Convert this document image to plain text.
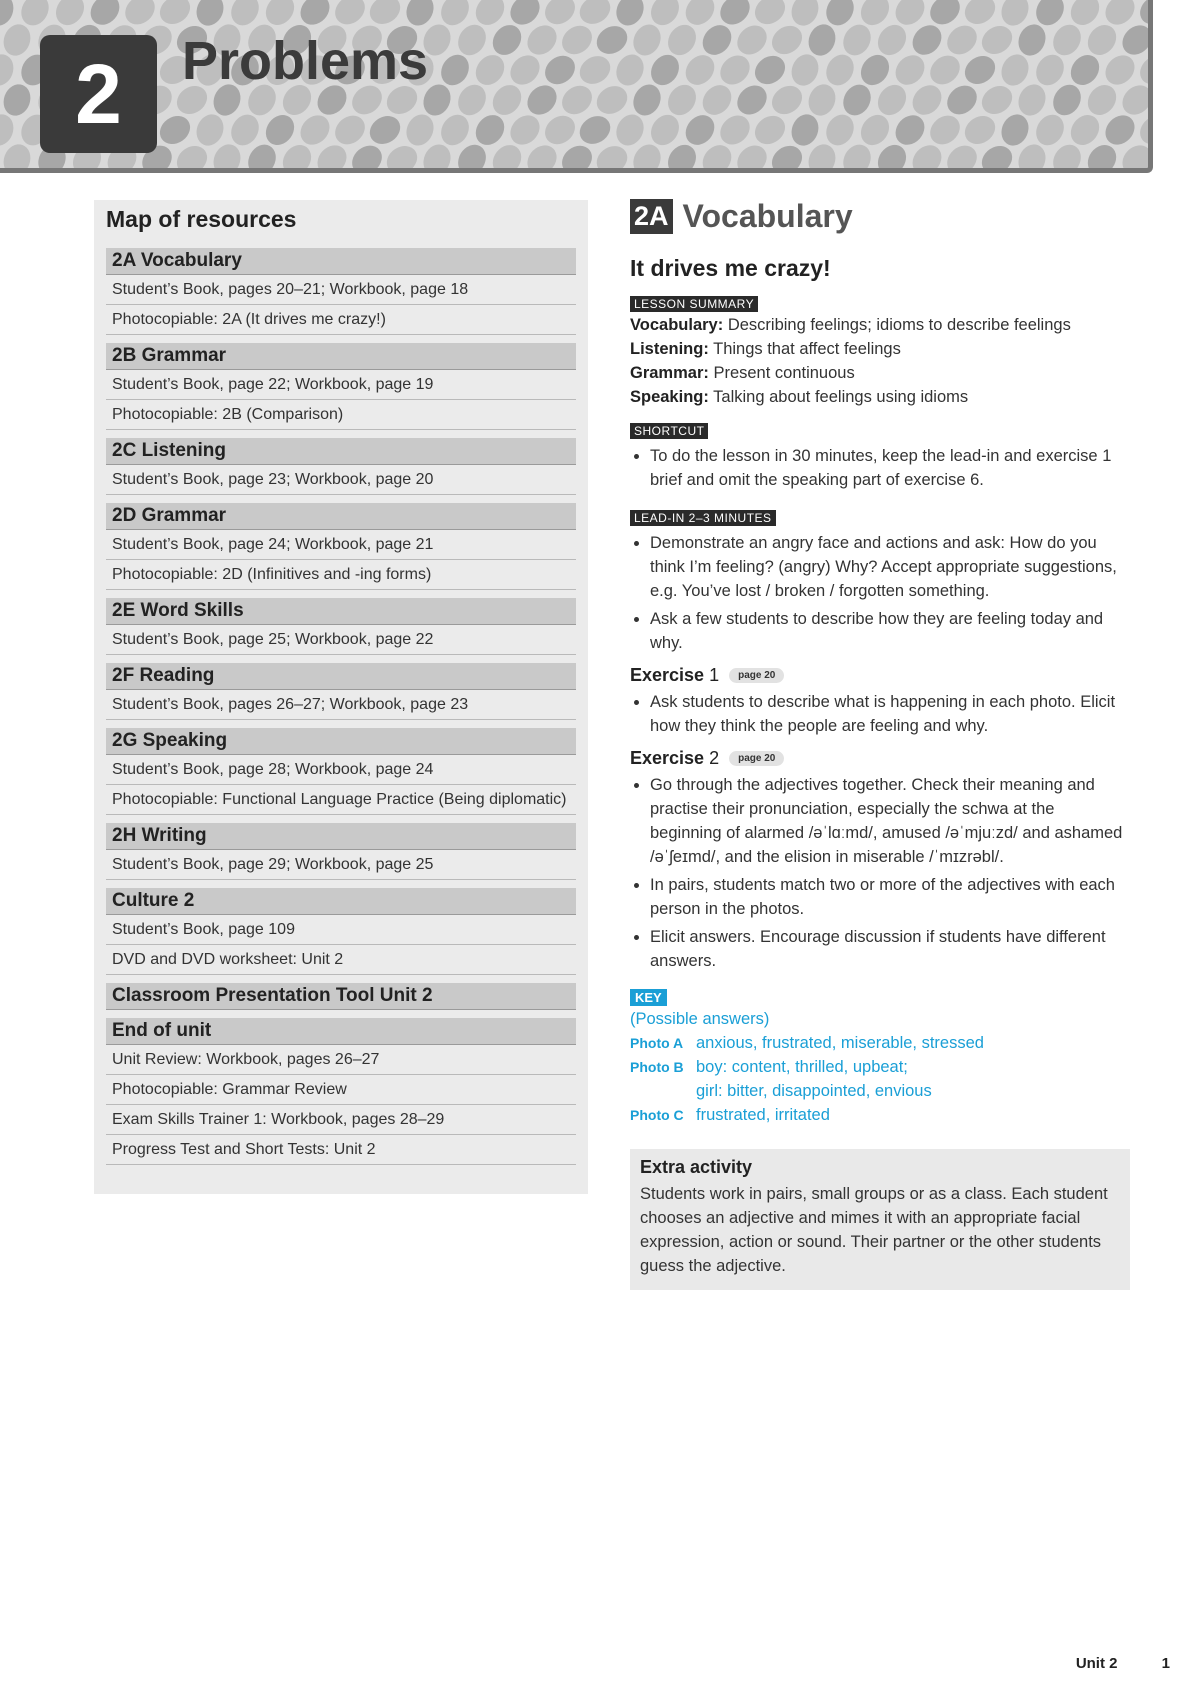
2	Problems
Map of resources
2A Vocabulary
Student’s Book, pages 20–21; Workbook, page 18
Photocopiable: 2A (It drives me crazy!)
2B Grammar
Student’s Book, page 22; Workbook, page 19
Photocopiable: 2B (Comparison)
2C Listening
Student’s Book, page 23; Workbook, page 20
2D Grammar
Student’s Book, page 24; Workbook, page 21
Photocopiable: 2D (Infinitives and -ing forms)
2E Word Skills
Student’s Book, page 25; Workbook, page 22
2F Reading
Student’s Book, pages 26–27; Workbook, page 23
2G Speaking
Student’s Book, page 28; Workbook, page 24
Photocopiable: Functional Language Practice (Being diplomatic)
2H Writing
Student’s Book, page 29; Workbook, page 25
Culture 2
Student’s Book, page 109
DVD and DVD worksheet: Unit 2
Classroom Presentation Tool Unit 2
End of unit
Unit Review: Workbook, pages 26–27
Photocopiable: Grammar Review
Exam Skills Trainer 1: Workbook, pages 28–29
Progress Test and Short Tests: Unit 2
2A Vocabulary
It drives me crazy!
LESSON SUMMARY
Vocabulary: Describing feelings; idioms to describe feelings
Listening: Things that affect feelings
Grammar: Present continuous
Speaking: Talking about feelings using idioms
SHORTCUT
• To do the lesson in 30 minutes, keep the lead-in and exercise 1 brief and omit the speaking part of exercise 6.
LEAD-IN 2–3 MINUTES
• Demonstrate an angry face and actions and ask: How do you think I’m feeling? (angry) Why? Accept appropriate suggestions, e.g. You’ve lost / broken / forgotten something.
• Ask a few students to describe how they are feeling today and why.
Exercise 1	page 20
• Ask students to describe what is happening in each photo. Elicit how they think the people are feeling and why.
Exercise 2	page 20
• Go through the adjectives together. Check their meaning and practise their pronunciation, especially the schwa at the beginning of alarmed /əˈlɑːmd/, amused /əˈmjuːzd/ and ashamed /əˈʃeɪmd/, and the elision in miserable /ˈmɪzrəbl/.
• In pairs, students match two or more of the adjectives with each person in the photos.
• Elicit answers. Encourage discussion if students have different answers.
KEY
(Possible answers)
Photo A anxious, frustrated, miserable, stressed
Photo B boy: content, thrilled, upbeat;
girl: bitter, disappointed, envious
Photo C frustrated, irritated
Extra activity

Students work in pairs, small groups or as a class. Each student chooses an adjective and mimes it with an appropriate facial expression, action or sound. Their partner or the other students guess the adjective.

Unit 2	1
